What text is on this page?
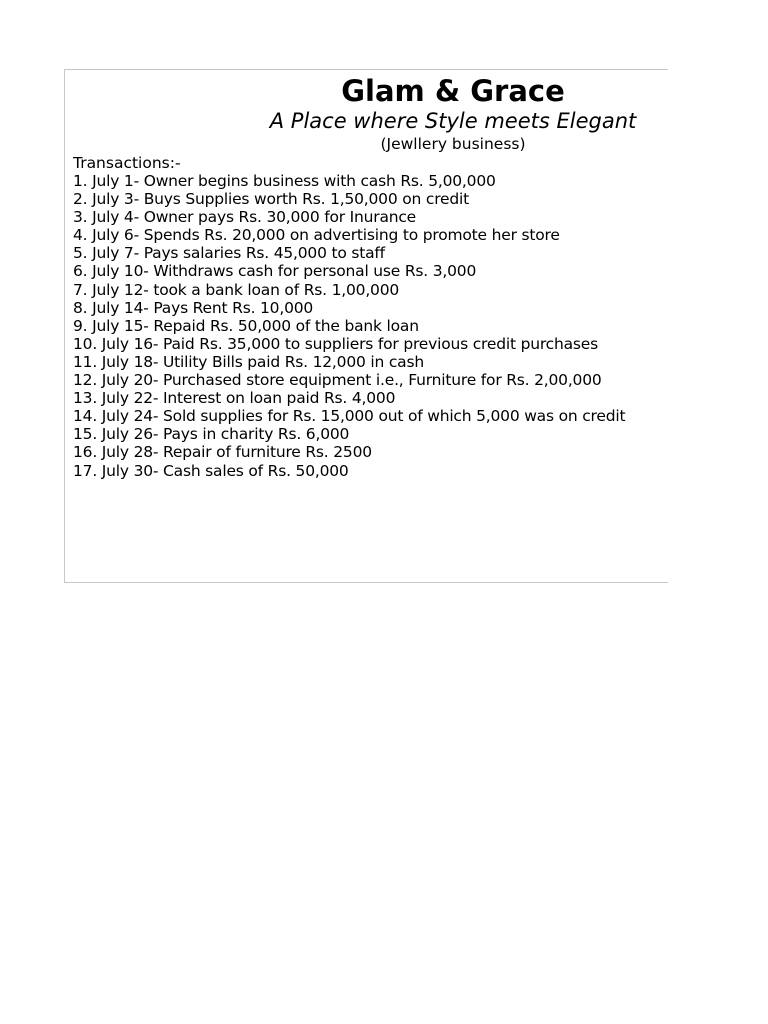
Glam & Grace
A Place where Style meets Elegant
(Jewllery business)
Transactions:-
1. July 1- Owner begins business with cash Rs. 5,00,000
2. July 3- Buys Supplies worth Rs. 1,50,000 on credit
3. July 4- Owner pays Rs. 30,000 for Inurance
4. July 6- Spends Rs. 20,000 on advertising to promote her store
5. July 7- Pays salaries Rs. 45,000 to staff
6. July 10- Withdraws cash for personal use Rs. 3,000
7. July 12- took a bank loan of Rs. 1,00,000
8. July 14- Pays Rent Rs. 10,000
9. July 15- Repaid Rs. 50,000 of the bank loan
10. July 16- Paid Rs. 35,000 to suppliers for previous credit purchases
11. July 18- Utility Bills paid Rs. 12,000 in cash
12. July 20- Purchased store equipment i.e., Furniture for Rs. 2,00,000
13. July 22- Interest on loan paid Rs. 4,000
14. July 24- Sold supplies for Rs. 15,000 out of which 5,000 was on credit
15. July 26- Pays in charity Rs. 6,000
16. July 28- Repair of furniture Rs. 2500
17. July 30- Cash sales of Rs. 50,000
